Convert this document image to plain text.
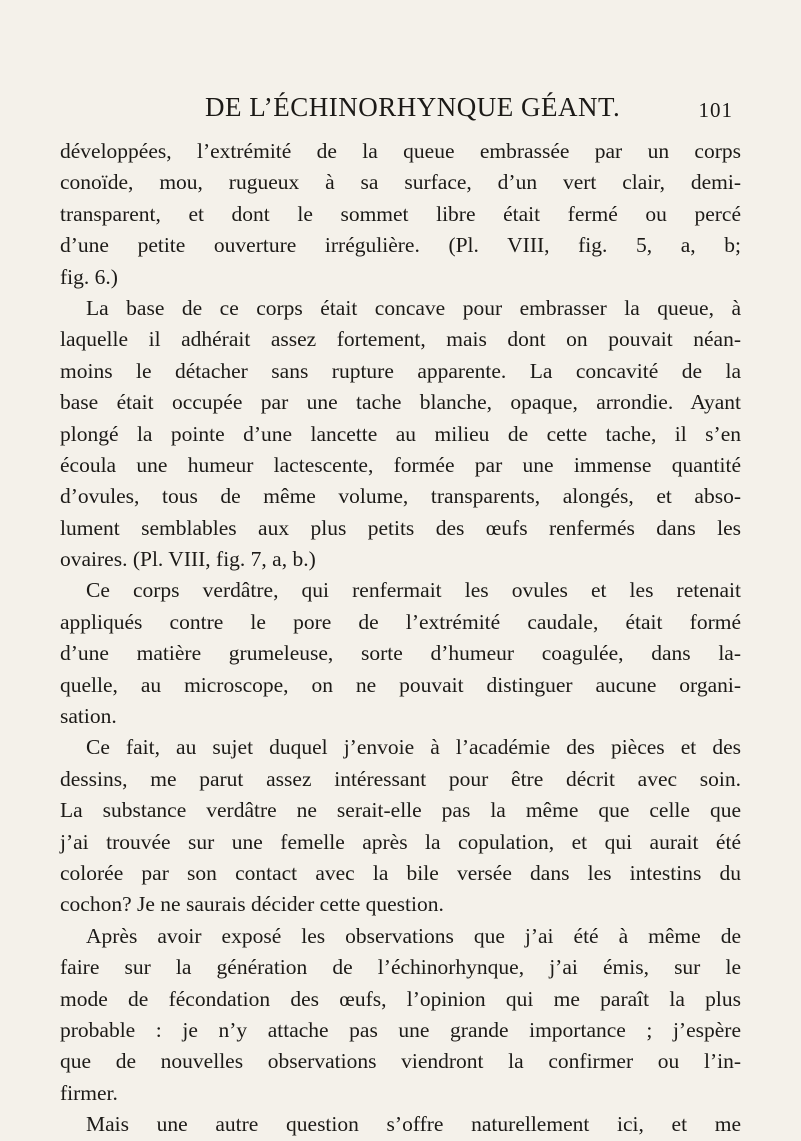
DE L’ÉCHINORHYNQUE GÉANT.	101
développées, l’extrémité de la queue embrassée par un corps
conoïde, mou, rugueux à sa surface, d’un vert clair, demi-
transparent, et dont le sommet libre était fermé ou percé
d’une petite ouverture irrégulière. (Pl. VIII, fig. 5, a, b;
fig. 6.)
La base de ce corps était concave pour embrasser la queue, à
laquelle il adhérait assez fortement, mais dont on pouvait néan-
moins le détacher sans rupture apparente. La concavité de la
base était occupée par une tache blanche, opaque, arrondie. Ayant
plongé la pointe d’une lancette au milieu de cette tache, il s’en
écoula une humeur lactescente, formée par une immense quantité
d’ovules, tous de même volume, transparents, alongés, et abso-
lument semblables aux plus petits des œufs renfermés dans les
ovaires. (Pl. VIII, fig. 7, a, b.)
Ce corps verdâtre, qui renfermait les ovules et les retenait
appliqués contre le pore de l’extrémité caudale, était formé
d’une matière grumeleuse, sorte d’humeur coagulée, dans la-
quelle, au microscope, on ne pouvait distinguer aucune organi-
sation.
Ce fait, au sujet duquel j’envoie à l’académie des pièces et des
dessins, me parut assez intéressant pour être décrit avec soin.
La substance verdâtre ne serait-elle pas la même que celle que
j’ai trouvée sur une femelle après la copulation, et qui aurait été
colorée par son contact avec la bile versée dans les intestins du
cochon? Je ne saurais décider cette question.
Après avoir exposé les observations que j’ai été à même de
faire sur la génération de l’échinorhynque, j’ai émis, sur le
mode de fécondation des œufs, l’opinion qui me paraît la plus
probable : je n’y attache pas une grande importance ; j’espère
que de nouvelles observations viendront la confirmer ou l’in-
firmer.
Mais une autre question s’offre naturellement ici, et me
